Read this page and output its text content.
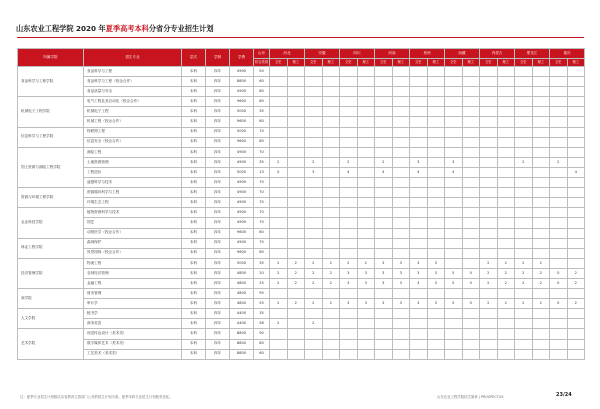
山东农业工程学院 2020 年夏季高考本科分省分专业招生计划
所属学院	招生专业	层次	学制	学费	山东	河北		安徽		四川		河南		贵州		西藏		内蒙古		黑龙江		重庆	
					综合类别	文史	理工	文史	理工	文史	理工	文史	理工	文史	理工	文史	理工	文史	理工	文史	理工	文史	理工
食品科学与工程学院	食品科学与工程	本科	四年	4900	50																		
	食品科学与工程（校企合作）	本科	四年	8800	60																		
	食品质量与安全	本科	四年	4900	80																		
机械电子工程学院	电气工程及其自动化（校企合作）	本科	四年	9600	80																		
	机械电子工程	本科	四年	5000	35																		
	机械工程（校企合作）	本科	四年	9600	80																		
信息科学与工程学院	物联网工程	本科	四年	5000	70																		
	信息安全（校企合作）	本科	四年	9600	80																		
国土资源与测绘工程学院	测绘工程	本科	四年	4900	70																		
	土地资源管理	本科	四年	4900	35	2		2		2		2		3		3				2		2	
	工程造价	本科	四年	5000	13	0		3		4		4		4		4							4
	遥感科学与技术	本科	四年	4900	70																		
资源与环境工程学院	资源循环科学与工程	本科	四年	4900	70																		
	环境生态工程	本科	四年	4900	70																		
农业科技学院	植物资源科学与技术	本科	四年	4900	70																		
	园艺	本科	四年	4900	70																		
	动物医学（校企合作）	本科	四年	9600	80																		
林业工程学院	森林保护	本科	四年	4900	70																		
	风景园林（校企合作）	本科	四年	9600	80																		
经济管理学院	物流工程	本科	四年	5000	35	2	2	2	2	2	2	3	3	3	3			2	2	2	2		
	农林经济管理	本科	四年	4800	20	2	2	2	2	3	3	3	3	3	3	5	0	2	2	2	2	0	2
	金融工程	本科	四年	4800	25	2	2	2	2	3	3	3	3	3	3	5	0	2	2	2	2	0	2
商学院	财务管理	本科	四年	4800	95																		
	审计学	本科	四年	4800	55	2	2	2	2	3	3	3	3	3	3	5	0	2	2	2	2	0	2
人文学院	秘书学	本科	四年	4400	35																		
	商务英语	本科	四年	4400	58	2		2															
艺术学院	视觉传达设计（美术类）	本科	四年	8800	90																		
	数字媒体艺术（美术类）	本科	四年	8800	80																		
	工艺美术（美术类）	本科	四年	8800	60																		
注：夏季专业招生计划数以各省教育主管部门公布的招生计划为准。夏季本科专业招生计划数有变化。	山东农业工程学院招生简章 | PROSPECTUS	23/24
